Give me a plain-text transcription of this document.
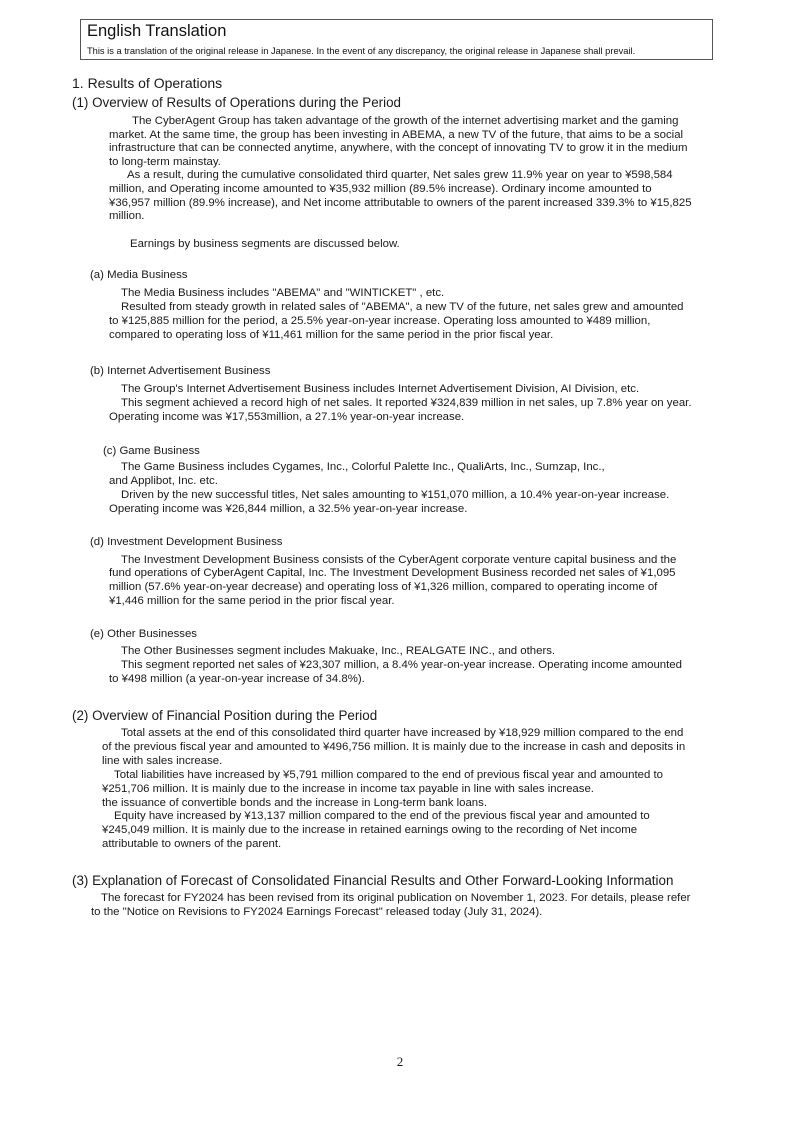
English Translation
This is a translation of the original release in Japanese. In the event of any discrepancy, the original release in Japanese shall prevail.
1. Results of Operations
(1) Overview of Results of Operations during the Period
The CyberAgent Group has taken advantage of the growth of the internet advertising market and the gaming
market. At the same time, the group has been investing in ABEMA, a new TV of the future, that aims to be a social
infrastructure that can be connected anytime, anywhere, with the concept of innovating TV to grow it in the medium
to long-term mainstay.
As a result, during the cumulative consolidated third quarter, Net sales grew 11.9% year on year to ¥598,584
million, and Operating income amounted to ¥35,932 million (89.5% increase). Ordinary income amounted to
¥36,957 million (89.9% increase), and Net income attributable to owners of the parent increased 339.3% to ¥15,825
million.
Earnings by business segments are discussed below.
(a) Media Business
The Media Business includes "ABEMA" and "WINTICKET" , etc.
Resulted from steady growth in related sales of "ABEMA", a new TV of the future, net sales grew and amounted
to ¥125,885 million for the period, a 25.5% year-on-year increase. Operating loss amounted to ¥489 million,
compared to operating loss of ¥11,461 million for the same period in the prior fiscal year.
(b) Internet Advertisement Business
The Group's Internet Advertisement Business includes Internet Advertisement Division, AI Division, etc.
This segment achieved a record high of net sales. It reported ¥324,839 million in net sales, up 7.8% year on year.
Operating income was ¥17,553million, a 27.1% year-on-year increase.
(c) Game Business
The Game Business includes Cygames, Inc., Colorful Palette Inc., QualiArts, Inc., Sumzap, Inc.,
and Applibot, Inc. etc.
Driven by the new successful titles, Net sales amounting to ¥151,070 million, a 10.4% year-on-year increase.
Operating income was ¥26,844 million, a 32.5% year-on-year increase.
(d) Investment Development Business
The Investment Development Business consists of the CyberAgent corporate venture capital business and the
fund operations of CyberAgent Capital, Inc. The Investment Development Business recorded net sales of ¥1,095
million (57.6% year-on-year decrease) and operating loss of ¥1,326 million, compared to operating income of
¥1,446 million for the same period in the prior fiscal year.
(e) Other Businesses
The Other Businesses segment includes Makuake, Inc., REALGATE INC., and others.
This segment reported net sales of ¥23,307 million, a 8.4% year-on-year increase. Operating income amounted
to ¥498 million (a year-on-year increase of 34.8%).
(2) Overview of Financial Position during the Period
Total assets at the end of this consolidated third quarter have increased by ¥18,929 million compared to the end
of the previous fiscal year and amounted to ¥496,756 million. It is mainly due to the increase in cash and deposits in
line with sales increase.
Total liabilities have increased by ¥5,791 million compared to the end of previous fiscal year and amounted to
¥251,706 million. It is mainly due to the increase in income tax payable in line with sales increase.
the issuance of convertible bonds and the increase in Long-term bank loans.
Equity have increased by ¥13,137 million compared to the end of the previous fiscal year and amounted to
¥245,049 million. It is mainly due to the increase in retained earnings owing to the recording of Net income
attributable to owners of the parent.
(3) Explanation of Forecast of Consolidated Financial Results and Other Forward-Looking Information
The forecast for FY2024 has been revised from its original publication on November 1, 2023. For details, please refer
to the "Notice on Revisions to FY2024 Earnings Forecast" released today (July 31, 2024).
2
